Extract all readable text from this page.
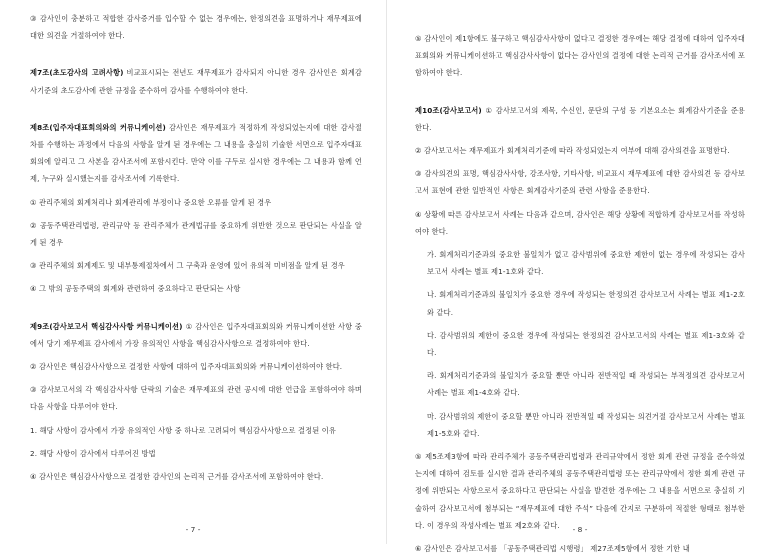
③ 감사인이 충분하고 적합한 감사증거를 입수할 수 없는 경우에는, 한정의견을 표명하거나 재무제표에 대한 의견을 거절하여야 한다.

제7조(초도감사의 고려사항) 비교표시되는 전년도 재무제표가 감사되지 아니한 경우 감사인은 회계감사기준의 초도감사에 관한 규정을 준수하여 감사를 수행하여야 한다.

제8조(입주자대표회의와의 커뮤니케이션) 감사인은 재무제표가 적정하게 작성되었는지에 대한 감사절차를 수행하는 과정에서 다음의 사항을 알게 된 경우에는 그 내용을 충실히 기술한 서면으로 입주자대표회의에 알리고 그 사본을 감사조서에 포함시킨다. 만약 이를 구두로 실시한 경우에는 그 내용과 함께 언제, 누구와 실시했는지를 감사조서에 기록한다.

① 관리주체의 회계처리나 회계관리에 부정이나 중요한 오류를 알게 된 경우

② 공동주택관리법령, 관리규약 등 관리주체가 관계법규를 중요하게 위반한 것으로 판단되는 사실을 알게 된 경우

③ 관리주체의 회계제도 및 내부통제절차에서 그 구축과 운영에 있어 유의적 미비점을 알게 된 경우

④ 그 밖의 공동주택의 회계와 관련하여 중요하다고 판단되는 사항

제9조(감사보고서 핵심감사사항 커뮤니케이션) ① 감사인은 입주자대표회의와 커뮤니케이션한 사항 중에서 당기 재무제표 감사에서 가장 유의적인 사항을 핵심감사사항으로 결정하여야 한다.

② 감사인은 핵심감사사항으로 결정한 사항에 대하여 입주자대표회의와 커뮤니케이션하여야 한다.

③ 감사보고서의 각 핵심감사사항 단락의 기술은 재무제표의 관련 공시에 대한 언급을 포함하여야 하며 다음 사항을 다루어야 한다.

1. 해당 사항이 감사에서 가장 유의적인 사항 중 하나로 고려되어 핵심감사사항으로 결정된 이유

2. 해당 사항이 감사에서 다루어진 방법

④ 감사인은 핵심감사사항으로 결정한 감사인의 논리적 근거를 감사조서에 포함하여야 한다.

- 7 -

⑤ 감사인이 제1항에도 불구하고 핵심감사사항이 없다고 결정한 경우에는 해당 결정에 대하여 입주자대표회의와 커뮤니케이션하고 핵심감사사항이 없다는 감사인의 결정에 대한 논리적 근거를 감사조서에 포함하여야 한다.

제10조(감사보고서) ① 감사보고서의 제목, 수신인, 문단의 구성 등 기본요소는 회계감사기준을 준용한다.

② 감사보고서는 재무제표가 회계처리기준에 따라 작성되었는지 여부에 대해 감사의견을 표명한다.

③ 감사의견의 표명, 핵심감사사항, 강조사항, 기타사항, 비교표시 재무제표에 대한 감사의견 등 감사보고서 표현에 관한 일반적인 사항은 회계감사기준의 관련 사항을 준용한다.

④ 상황에 따른 감사보고서 사례는 다음과 같으며, 감사인은 해당 상황에 적합하게 감사보고서를 작성하여야 한다.

가. 회계처리기준과의 중요한 불일치가 없고 감사범위에 중요한 제한이 없는 경우에 작성되는 감사보고서 사례는 별표 제1-1호와 같다.

나. 회계처리기준과의 불일치가 중요한 경우에 작성되는 한정의견 감사보고서 사례는 별표 제1-2호와 같다.

다. 감사범위의 제한이 중요한 경우에 작성되는 한정의견 감사보고서의 사례는 별표 제1-3호와 같다.

라. 회계처리기준과의 불일치가 중요할 뿐만 아니라 전반적일 때 작성되는 부적정의견 감사보고서 사례는 별표 제1-4호와 같다.

마. 감사범위의 제한이 중요할 뿐만 아니라 전반적일 때 작성되는 의견거절 감사보고서 사례는 별표 제1-5호와 같다.

⑤ 제5조제3항에 따라 관리주체가 공동주택관리법령과 관리규약에서 정한 회계 관련 규정을 준수하였는지에 대하여 검토를 실시한 결과 관리주체의 공동주택관리법령 또는 관리규약에서 정한 회계 관련 규정에 위반되는 사항으로서 중요하다고 판단되는 사실을 발견한 경우에는 그 내용을 서면으로 충실히 기술하여 감사보고서에 첨부되는 “재무제표에 대한 주석” 다음에 간지로 구분하여 적절한 형태로 첨부한다. 이 경우의 작성사례는 별표 제2호와 같다.

⑥ 감사인은 감사보고서를 「공동주택관리법 시행령」 제27조제5항에서 정한 기한 내

- 8 -
